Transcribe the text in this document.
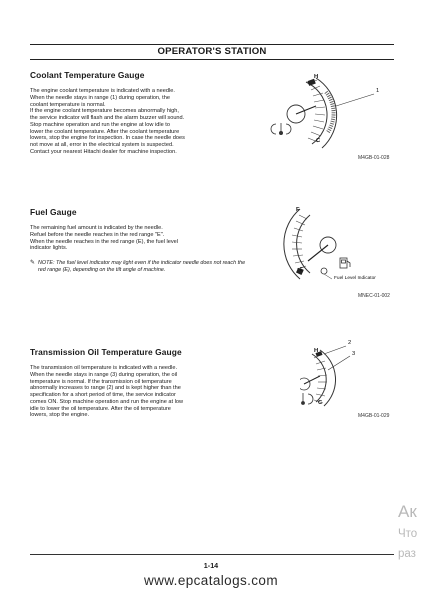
OPERATOR'S STATION
Coolant Temperature Gauge
The engine coolant temperature is indicated with a needle.
When the needle stays in range (1) during operation, the
coolant temperature is normal.
If the engine coolant temperature becomes abnormally high,
the service indicator will flash and the alarm buzzer will sound.
Stop machine operation and run the engine at low idle to
lower the coolant temperature. After the coolant temperature
lowers, stop the engine for inspection. In case the needle does
not move at all, error in the electrical system is suspected.
Contact your nearest Hitachi dealer for machine inspection.
H
C
1
M4GB-01-028
Fuel Gauge
The remaining fuel amount is indicated by the needle.
Refuel before the needle reaches in the red range "E".
When the needle reaches in the red range (E), the fuel level
indicator lights.
✎ NOTE: The fuel level indicator may light even if the indicator needle does not reach the red range (E), depending on the tilt angle of machine.
F
E
Fuel Level Indicator
MNEC-01-002
Transmission Oil Temperature Gauge
The transmission oil temperature is indicated with a needle.
When the needle stays in range (3) during operation, the oil
temperature is normal. If the transmission oil temperature
abnormally increases to range (2) and is kept higher than the
specification for a short period of time, the service indicator
comes ON. Stop machine operation and run the engine at low
idle to lower the oil temperature. After the oil temperature
lowers, stop the engine.
H
C
2
3
M4GB-01-029
Ак
Что
раз
1-14
www.epcatalogs.com
